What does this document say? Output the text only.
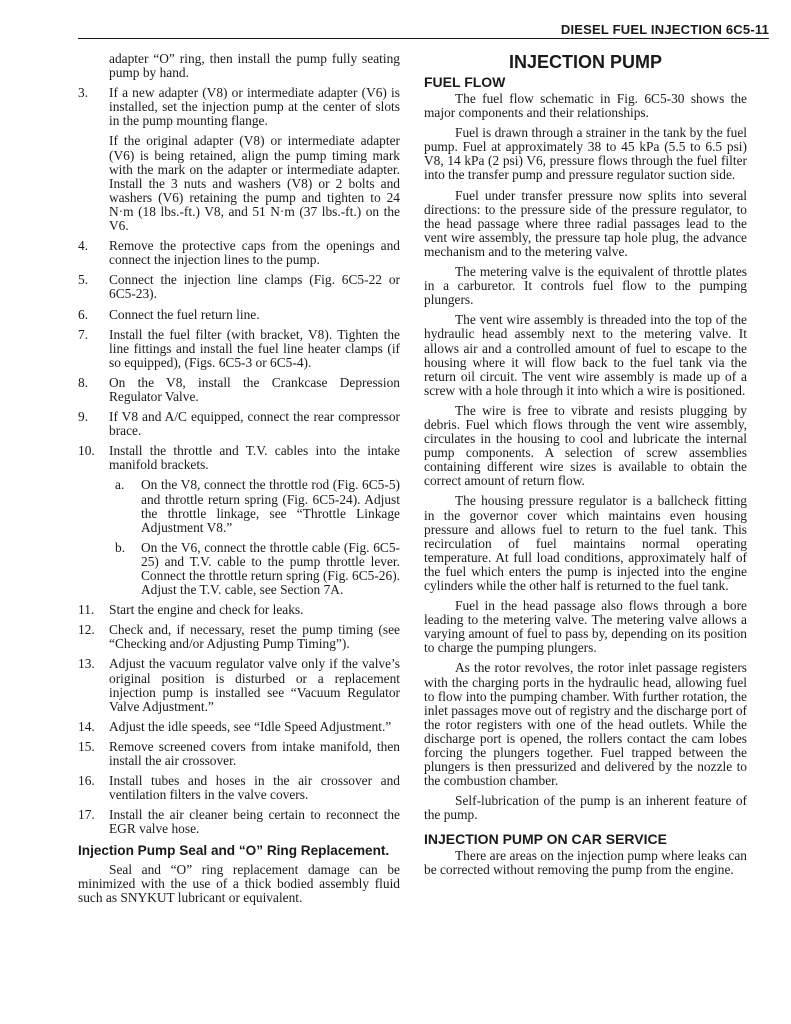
DIESEL FUEL INJECTION 6C5-11

adapter “O” ring, then install the pump fully seating pump by hand.

3.	If a new adapter (V8) or intermediate adapter (V6) is installed, set the injection pump at the center of slots in the pump mounting flange.

If the original adapter (V8) or intermediate adapter (V6) is being retained, align the pump timing mark with the mark on the adapter or intermediate adapter. Install the 3 nuts and washers (V8) or 2 bolts and washers (V6) retaining the pump and tighten to 24 N·m (18 lbs.-ft.) V8, and 51 N·m (37 lbs.-ft.) on the V6.

4.	Remove the protective caps from the openings and connect the injection lines to the pump.
5.	Connect the injection line clamps (Fig. 6C5-22 or 6C5-23).
6.	Connect the fuel return line.
7.	Install the fuel filter (with bracket, V8). Tighten the line fittings and install the fuel line heater clamps (if so equipped), (Figs. 6C5-3 or 6C5-4).
8.	On the V8, install the Crankcase Depression Regulator Valve.
9.	If V8 and A/C equipped, connect the rear compressor brace.
10.	Install the throttle and T.V. cables into the intake manifold brackets.
a.	On the V8, connect the throttle rod (Fig. 6C5-5) and throttle return spring (Fig. 6C5-24). Adjust the throttle linkage, see “Throttle Linkage Adjustment V8.”
b.	On the V6, connect the throttle cable (Fig. 6C5-25) and T.V. cable to the pump throttle lever. Connect the throttle return spring (Fig. 6C5-26). Adjust the T.V. cable, see Section 7A.
11.	Start the engine and check for leaks.
12.	Check and, if necessary, reset the pump timing (see “Checking and/or Adjusting Pump Timing”).
13.	Adjust the vacuum regulator valve only if the valve’s original position is disturbed or a replacement injection pump is installed see “Vacuum Regulator Valve Adjustment.”
14.	Adjust the idle speeds, see “Idle Speed Adjustment.”
15.	Remove screened covers from intake manifold, then install the air crossover.
16.	Install tubes and hoses in the air crossover and ventilation filters in the valve covers.
17.	Install the air cleaner being certain to reconnect the EGR valve hose.
Injection Pump Seal and “O” Ring Replacement.

Seal and “O” ring replacement damage can be minimized with the use of a thick bodied assembly fluid such as SNYKUT lubricant or equivalent.

INJECTION PUMP
FUEL FLOW

The fuel flow schematic in Fig. 6C5-30 shows the major components and their relationships.

Fuel is drawn through a strainer in the tank by the fuel pump. Fuel at approximately 38 to 45 kPa (5.5 to 6.5 psi) V8, 14 kPa (2 psi) V6, pressure flows through the fuel filter into the transfer pump and pressure regulator suction side.

Fuel under transfer pressure now splits into several directions: to the pressure side of the pressure regulator, to the head passage where three radial passages lead to the vent wire assembly, the pressure tap hole plug, the advance mechanism and to the metering valve.

The metering valve is the equivalent of throttle plates in a carburetor. It controls fuel flow to the pumping plungers.

The vent wire assembly is threaded into the top of the hydraulic head assembly next to the metering valve. It allows air and a controlled amount of fuel to escape to the housing where it will flow back to the fuel tank via the return oil circuit. The vent wire assembly is made up of a screw with a hole through it into which a wire is positioned.

The wire is free to vibrate and resists plugging by debris. Fuel which flows through the vent wire assembly, circulates in the housing to cool and lubricate the internal pump components. A selection of screw assemblies containing different wire sizes is available to obtain the correct amount of return flow.

The housing pressure regulator is a ballcheck fitting in the governor cover which maintains even housing pressure and allows fuel to return to the fuel tank. This recirculation of fuel maintains normal operating temperature. At full load conditions, approximately half of the fuel which enters the pump is injected into the engine cylinders while the other half is returned to the fuel tank.

Fuel in the head passage also flows through a bore leading to the metering valve. The metering valve allows a varying amount of fuel to pass by, depending on its position to charge the pumping plungers.

As the rotor revolves, the rotor inlet passage registers with the charging ports in the hydraulic head, allowing fuel to flow into the pumping chamber. With further rotation, the inlet passages move out of registry and the discharge port of the rotor registers with one of the head outlets. While the discharge port is opened, the rollers contact the cam lobes forcing the plungers together. Fuel trapped between the plungers is then pressurized and delivered by the nozzle to the combustion chamber.

Self-lubrication of the pump is an inherent feature of the pump.

INJECTION PUMP ON CAR SERVICE

There are areas on the injection pump where leaks can be corrected without removing the pump from the engine.
